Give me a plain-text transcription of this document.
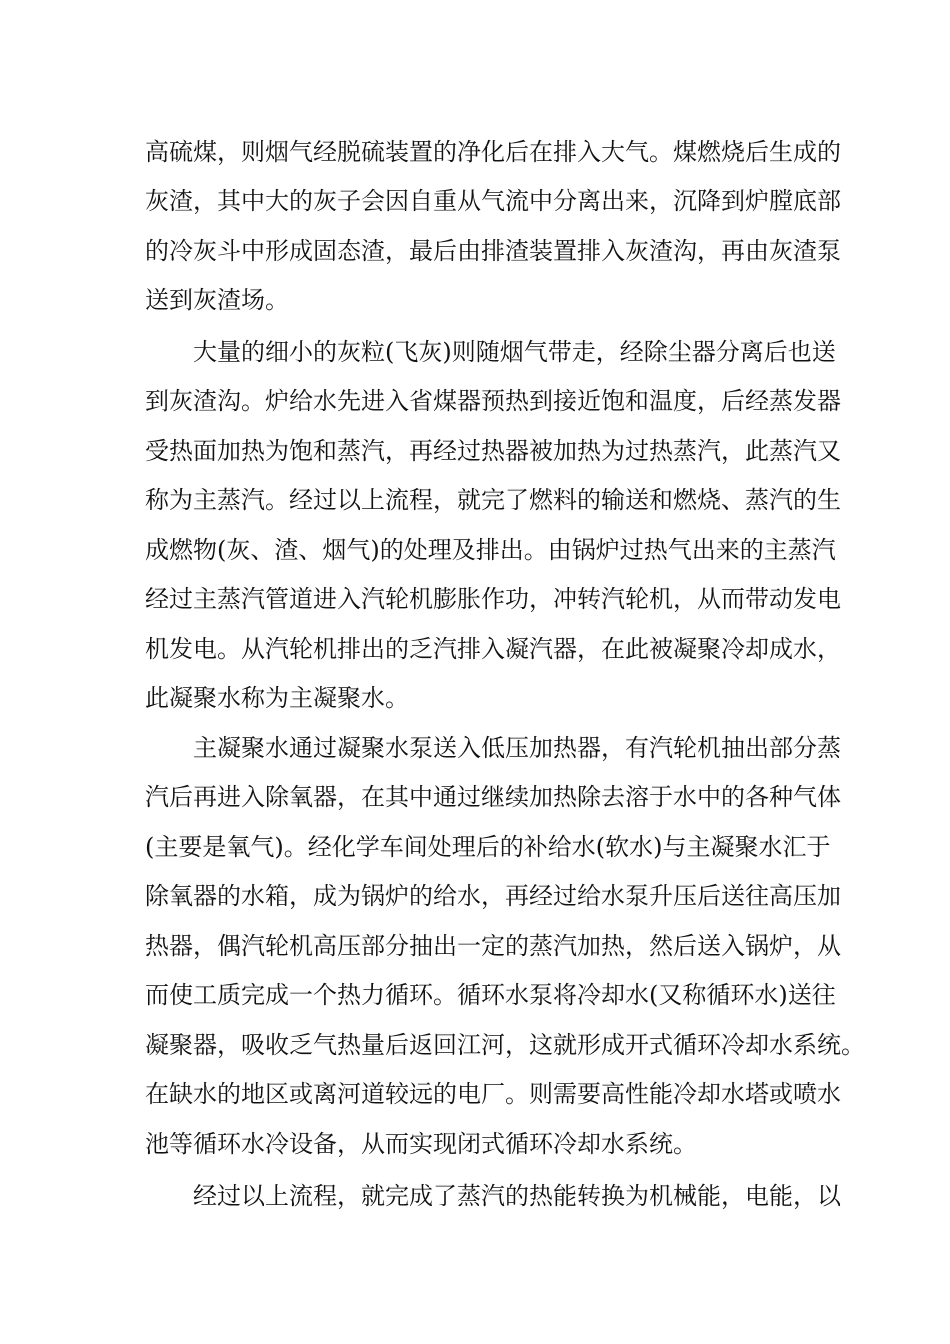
高硫煤，则烟气经脱硫装置的净化后在排入大气。煤燃烧后生成的
灰渣，其中大的灰子会因自重从气流中分离出来，沉降到炉膛底部
的冷灰斗中形成固态渣，最后由排渣装置排入灰渣沟，再由灰渣泵
送到灰渣场。
大量的细小的灰粒(飞灰)则随烟气带走，经除尘器分离后也送
到灰渣沟。炉给水先进入省煤器预热到接近饱和温度，后经蒸发器
受热面加热为饱和蒸汽，再经过热器被加热为过热蒸汽，此蒸汽又
称为主蒸汽。经过以上流程，就完了燃料的输送和燃烧、蒸汽的生
成燃物(灰、渣、烟气)的处理及排出。由锅炉过热气出来的主蒸汽
经过主蒸汽管道进入汽轮机膨胀作功，冲转汽轮机，从而带动发电
机发电。从汽轮机排出的乏汽排入凝汽器，在此被凝聚冷却成水，
此凝聚水称为主凝聚水。
主凝聚水通过凝聚水泵送入低压加热器，有汽轮机抽出部分蒸
汽后再进入除氧器，在其中通过继续加热除去溶于水中的各种气体
(主要是氧气)。经化学车间处理后的补给水(软水)与主凝聚水汇于
除氧器的水箱，成为锅炉的给水，再经过给水泵升压后送往高压加
热器，偶汽轮机高压部分抽出一定的蒸汽加热，然后送入锅炉，从
而使工质完成一个热力循环。循环水泵将冷却水(又称循环水)送往
凝聚器，吸收乏气热量后返回江河，这就形成开式循环冷却水系统。
在缺水的地区或离河道较远的电厂。则需要高性能冷却水塔或喷水
池等循环水冷设备，从而实现闭式循环冷却水系统。
经过以上流程，就完成了蒸汽的热能转换为机械能，电能，以
